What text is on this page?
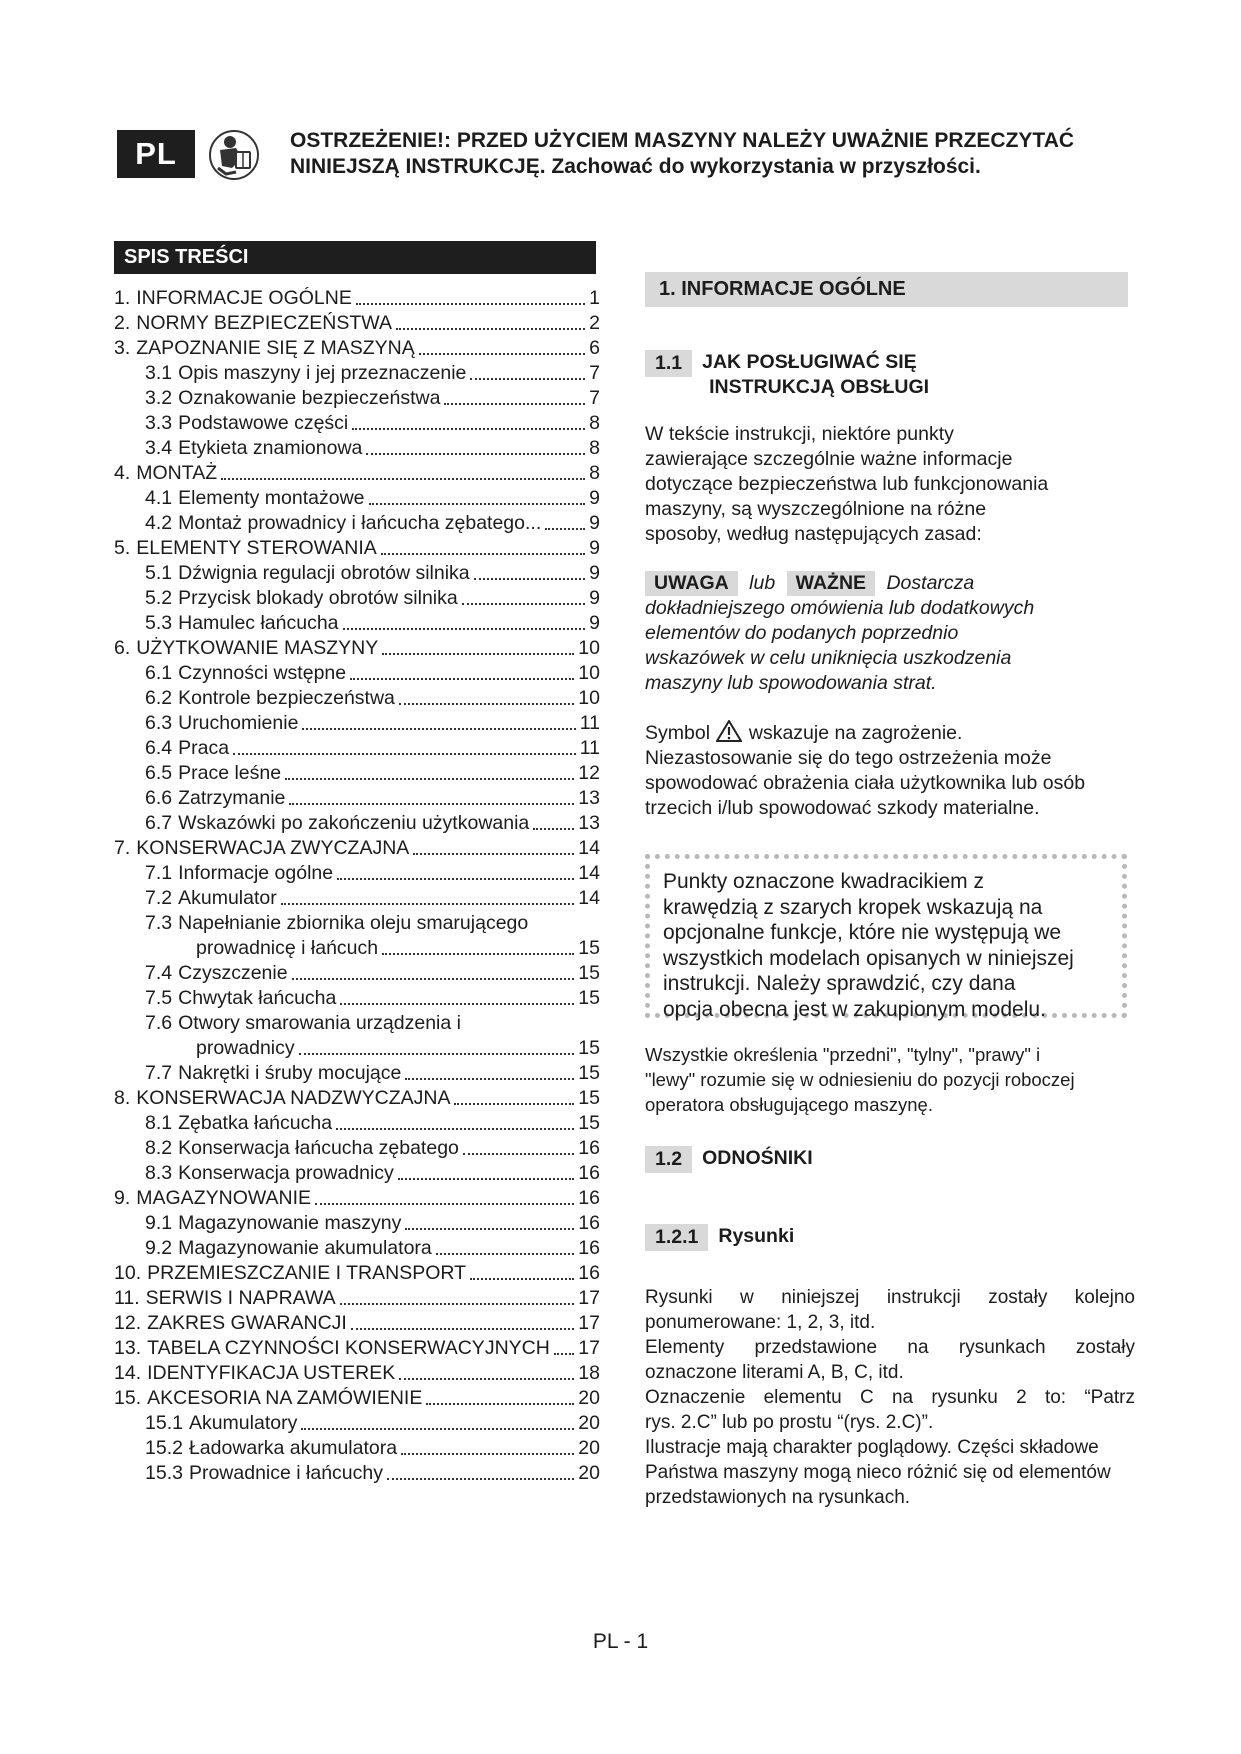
PL	OSTRZEŻENIE!: PRZED UŻYCIEM MASZYNY NALEŻY UWAŻNIE PRZECZYTAĆ
NINIEJSZĄ INSTRUKCJĘ. Zachować do wykorzystania w przyszłości.
SPIS TREŚCI
1. INFORMACJE OGÓLNE	1
2. NORMY BEZPIECZEŃSTWA	2
3. ZAPOZNANIE SIĘ Z MASZYNĄ	6
3.1 Opis maszyny i jej przeznaczenie	7
3.2 Oznakowanie bezpieczeństwa	7
3.3 Podstawowe części	8
3.4 Etykieta znamionowa	8
4. MONTAŻ	8
4.1 Elementy montażowe	9
4.2 Montaż prowadnicy i łańcucha zębatego... 9
5. ELEMENTY STEROWANIA	9
5.1 Dźwignia regulacji obrotów silnika	9
5.2 Przycisk blokady obrotów silnika	9
5.3 Hamulec łańcucha	9
6. UŻYTKOWANIE MASZYNY	10
6.1 Czynności wstępne	10
6.2 Kontrole bezpieczeństwa	10
6.3 Uruchomienie	11
6.4 Praca	11
6.5 Prace leśne	12
6.6 Zatrzymanie	13
6.7 Wskazówki po zakończeniu użytkowania	13
7. KONSERWACJA ZWYCZAJNA	14
7.1 Informacje ogólne	14
7.2 Akumulator	14
7.3 Napełnianie zbiornika oleju smarującego
prowadnicę i łańcuch	15
7.4 Czyszczenie	15
7.5 Chwytak łańcucha	15
7.6 Otwory smarowania urządzenia i
prowadnicy	15
7.7 Nakrętki i śruby mocujące	15
8. KONSERWACJA NADZWYCZAJNA	15
8.1 Zębatka łańcucha	15
8.2 Konserwacja łańcucha zębatego	16
8.3 Konserwacja prowadnicy	16
9. MAGAZYNOWANIE	16
9.1 Magazynowanie maszyny	16
9.2 Magazynowanie akumulatora	16
10. PRZEMIESZCZANIE I TRANSPORT	16
11. SERWIS I NAPRAWA	17
12. ZAKRES GWARANCJI	17
13. TABELA CZYNNOŚCI KONSERWACYJNYCH 17
14. IDENTYFIKACJA USTEREK	18
15. AKCESORIA NA ZAMÓWIENIE	20
15.1 Akumulatory	20
15.2 Ładowarka akumulatora	20
15.3 Prowadnice i łańcuchy	20
1. INFORMACJE OGÓLNE
1.1	JAK POSŁUGIWAĆ SIĘ
INSTRUKCJĄ OBSŁUGI
W tekście instrukcji, niektóre punkty
zawierające szczególnie ważne informacje
dotyczące bezpieczeństwa lub funkcjonowania
maszyny, są wyszczególnione na różne
sposoby, według następujących zasad:
UWAGA lub WAŻNE Dostarcza
dokładniejszego omówienia lub dodatkowych
elementów do podanych poprzednio
wskazówek w celu uniknięcia uszkodzenia
maszyny lub spowodowania strat.
Symbol wskazuje na zagrożenie.
Niezastosowanie się do tego ostrzeżenia może
spowodować obrażenia ciała użytkownika lub osób
trzecich i/lub spowodować szkody materialne.
Punkty oznaczone kwadracikiem z
krawędzią z szarych kropek wskazują na
opcjonalne funkcje, które nie występują we
wszystkich modelach opisanych w niniejszej
instrukcji. Należy sprawdzić, czy dana
opcja obecna jest w zakupionym modelu.
Wszystkie określenia "przedni", "tylny", "prawy" i
"lewy" rozumie się w odniesieniu do pozycji roboczej
operatora obsługującego maszynę.
1.2	ODNOŚNIKI
1.2.1	Rysunki
Rysunki w niniejszej instrukcji zostały kolejno
ponumerowane: 1, 2, 3, itd.
Elementy przedstawione na rysunkach zostały
oznaczone literami A, B, C, itd.
Oznaczenie elementu C na rysunku 2 to: “Patrz
rys. 2.C” lub po prostu “(rys. 2.C)”.
Ilustracje mają charakter poglądowy. Części składowe
Państwa maszyny mogą nieco różnić się od elementów
przedstawionych na rysunkach.
PL - 1
